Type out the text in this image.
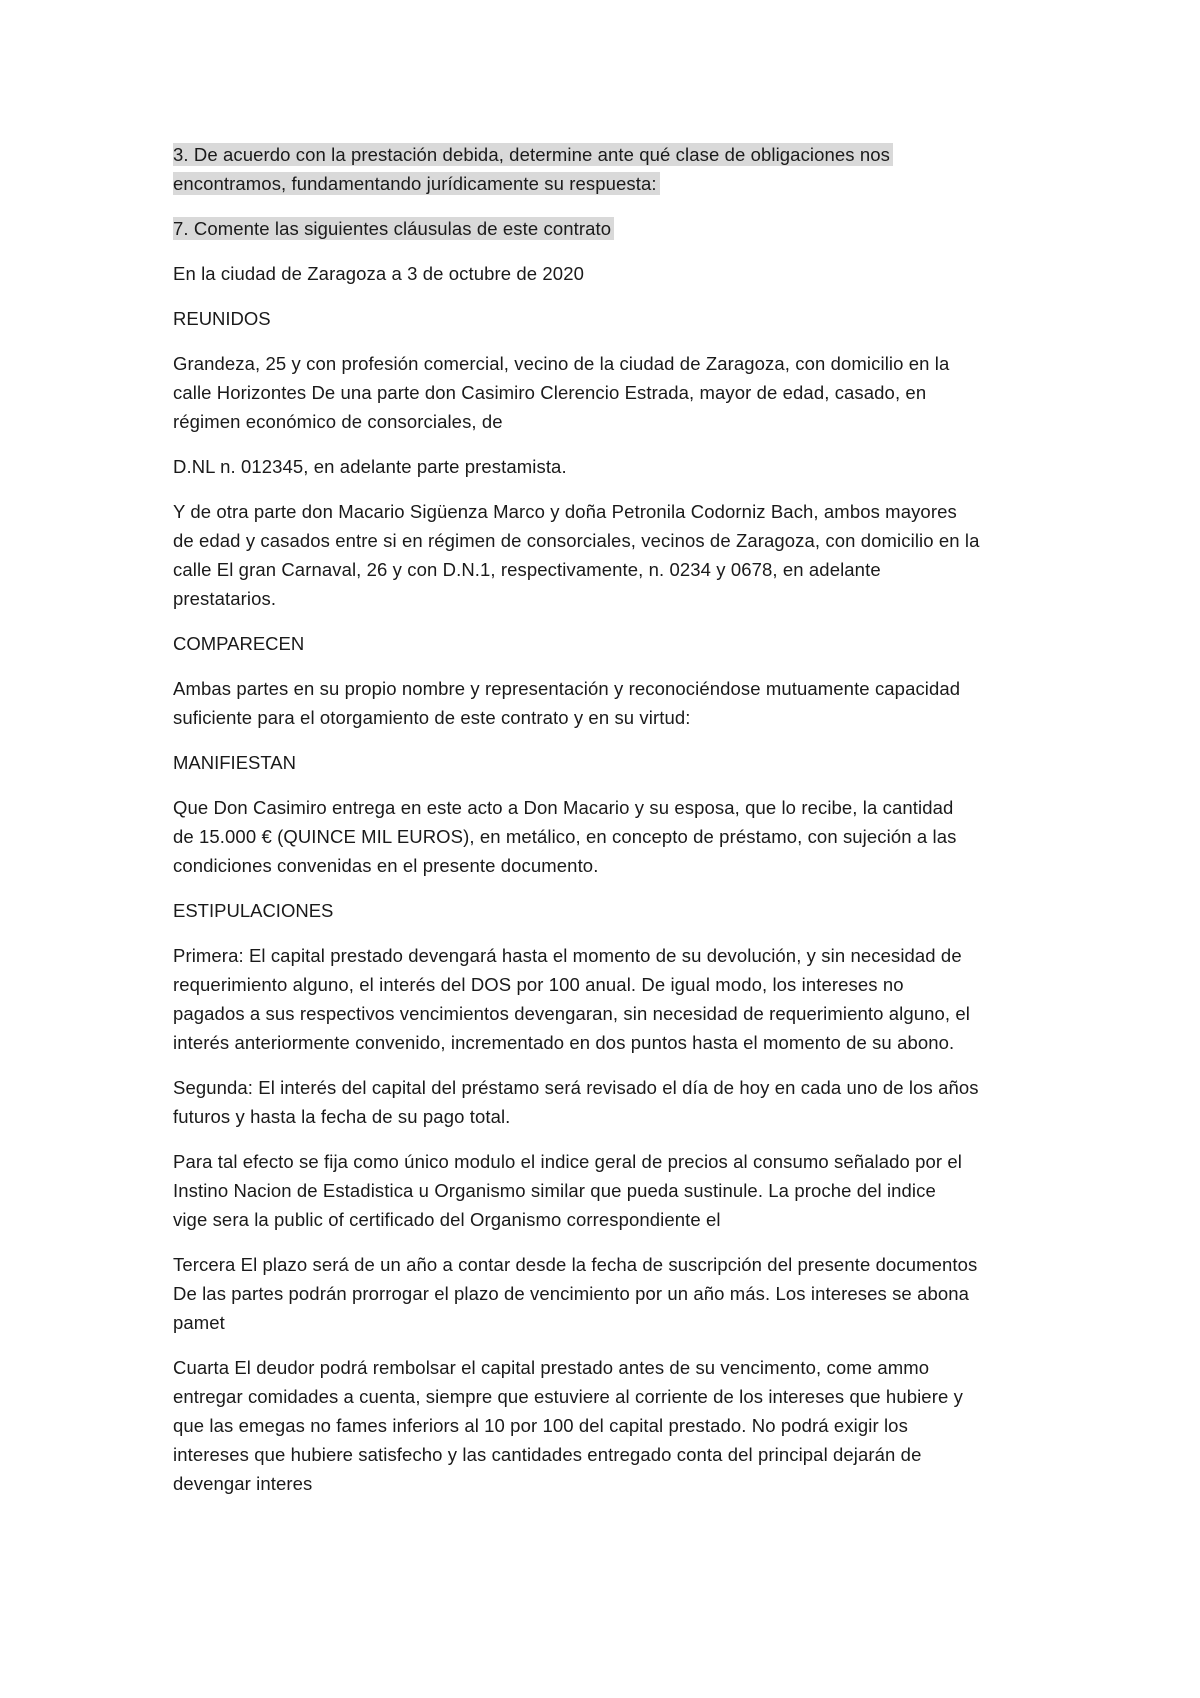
3. De acuerdo con la prestación debida, determine ante qué clase de obligaciones nos
encontramos, fundamentando jurídicamente su respuesta:

7. Comente las siguientes cláusulas de este contrato

En la ciudad de Zaragoza a 3 de octubre de 2020

REUNIDOS

Grandeza, 25 y con profesión comercial, vecino de la ciudad de Zaragoza, con domicilio en la
calle Horizontes De una parte don Casimiro Clerencio Estrada, mayor de edad, casado, en
régimen económico de consorciales, de

D.NL n. 012345, en adelante parte prestamista.

Y de otra parte don Macario Sigüenza Marco y doña Petronila Codorniz Bach, ambos mayores
de edad y casados entre si en régimen de consorciales, vecinos de Zaragoza, con domicilio en la
calle El gran Carnaval, 26 y con D.N.1, respectivamente, n. 0234 y 0678, en adelante
prestatarios.

COMPARECEN

Ambas partes en su propio nombre y representación y reconociéndose mutuamente capacidad
suficiente para el otorgamiento de este contrato y en su virtud:

MANIFIESTAN

Que Don Casimiro entrega en este acto a Don Macario y su esposa, que lo recibe, la cantidad
de 15.000 € (QUINCE MIL EUROS), en metálico, en concepto de préstamo, con sujeción a las
condiciones convenidas en el presente documento.

ESTIPULACIONES

Primera: El capital prestado devengará hasta el momento de su devolución, y sin necesidad de
requerimiento alguno, el interés del DOS por 100 anual. De igual modo, los intereses no
pagados a sus respectivos vencimientos devengaran, sin necesidad de requerimiento alguno, el
interés anteriormente convenido, incrementado en dos puntos hasta el momento de su abono.

Segunda: El interés del capital del préstamo será revisado el día de hoy en cada uno de los años
futuros y hasta la fecha de su pago total.

Para tal efecto se fija como único modulo el indice geral de precios al consumo señalado por el
Instino Nacion de Estadistica u Organismo similar que pueda sustinule. La proche del indice
vige sera la public of certificado del Organismo correspondiente el

Tercera El plazo será de un año a contar desde la fecha de suscripción del presente documentos
De las partes podrán prorrogar el plazo de vencimiento por un año más. Los intereses se abona
pamet

Cuarta El deudor podrá rembolsar el capital prestado antes de su vencimento, come ammo
entregar comidades a cuenta, siempre que estuviere al corriente de los intereses que hubiere y
que las emegas no fames inferiors al 10 por 100 del capital prestado. No podrá exigir los
intereses que hubiere satisfecho y las cantidades entregado conta del principal dejarán de
devengar interes
